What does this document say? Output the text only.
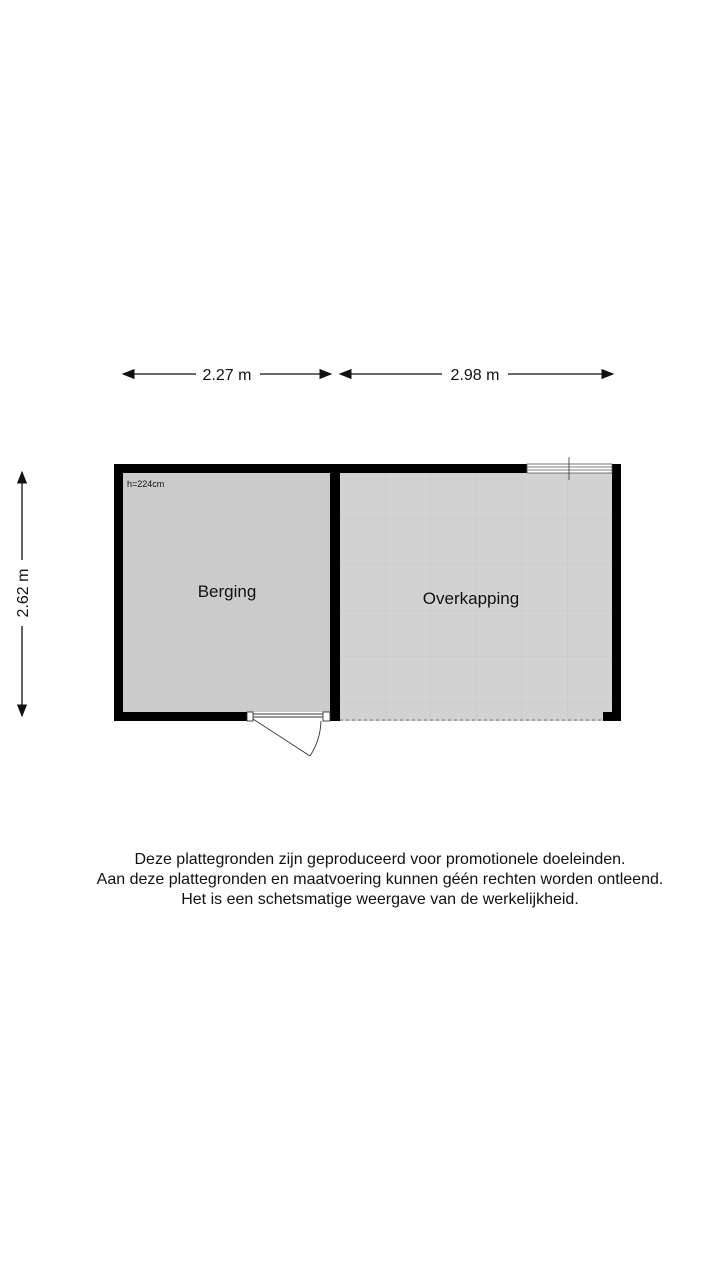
2.27 m	2.98 m
2.62 m
h=224cm
Berging	Overkapping
Deze plattegronden zijn geproduceerd voor promotionele doeleinden.
Aan deze plattegronden en maatvoering kunnen géén rechten worden ontleend.
Het is een schetsmatige weergave van de werkelijkheid.
